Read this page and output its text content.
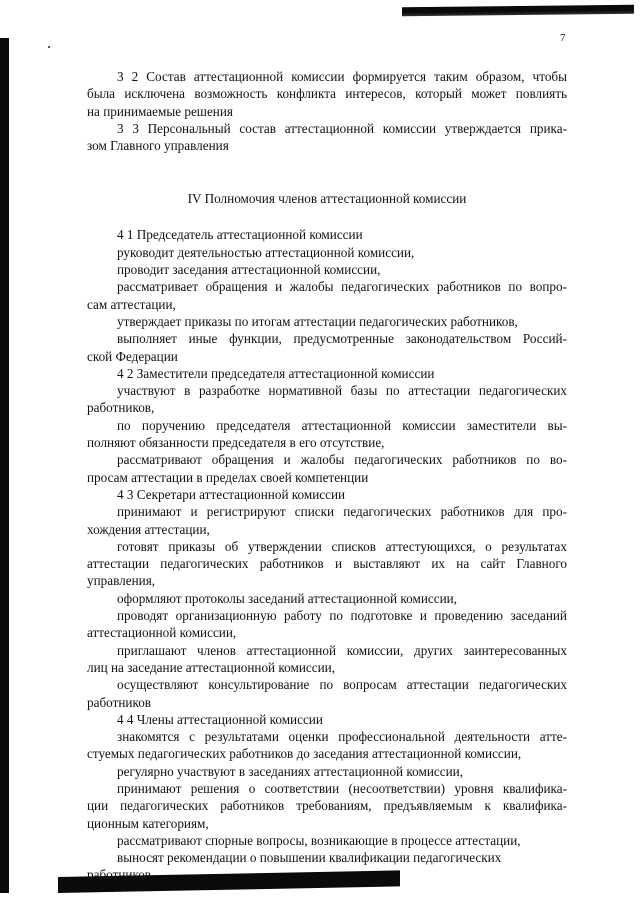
7
3 2 Состав аттестационной комиссии формируется таким образом, чтобы
была исключена возможность конфликта интересов, который может повлиять
на принимаемые решения
3 3 Персональный состав аттестационной комиссии утверждается прика-
зом Главного управления
IV Полномочия членов аттестационной комиссии
4 1 Председатель аттестационной комиссии
руководит деятельностью аттестационной комиссии,
проводит заседания аттестационной комиссии,
рассматривает обращения и жалобы педагогических работников по вопро-
сам аттестации,
утверждает приказы по итогам аттестации педагогических работников,
выполняет иные функции, предусмотренные законодательством Россий-
ской Федерации
4 2 Заместители председателя аттестационной комиссии
участвуют в разработке нормативной базы по аттестации педагогических
работников,
по поручению председателя аттестационной комиссии заместители вы-
полняют обязанности председателя в его отсутствие,
рассматривают обращения и жалобы педагогических работников по во-
просам аттестации в пределах своей компетенции
4 3 Секретари аттестационной комиссии
принимают и регистрируют списки педагогических работников для про-
хождения аттестации,
готовят приказы об утверждении списков аттестующихся, о результатах
аттестации педагогических работников и выставляют их на сайт Главного
управления,
оформляют протоколы заседаний аттестационной комиссии,
проводят организационную работу по подготовке и проведению заседаний
аттестационной комиссии,
приглашают членов аттестационной комиссии, других заинтересованных
лиц на заседание аттестационной комиссии,
осуществляют консультирование по вопросам аттестации педагогических
работников
4 4 Члены аттестационной комиссии
знакомятся с результатами оценки профессиональной деятельности атте-
стуемых педагогических работников до заседания аттестационной комиссии,
регулярно участвуют в заседаниях аттестационной комиссии,
принимают решения о соответствии (несоответствии) уровня квалифика-
ции педагогических работников требованиям, предъявляемым к квалифика-
ционным категориям,
рассматривают спорные вопросы, возникающие в процессе аттестации,
выносят рекомендации о повышении квалификации педагогических
работников
